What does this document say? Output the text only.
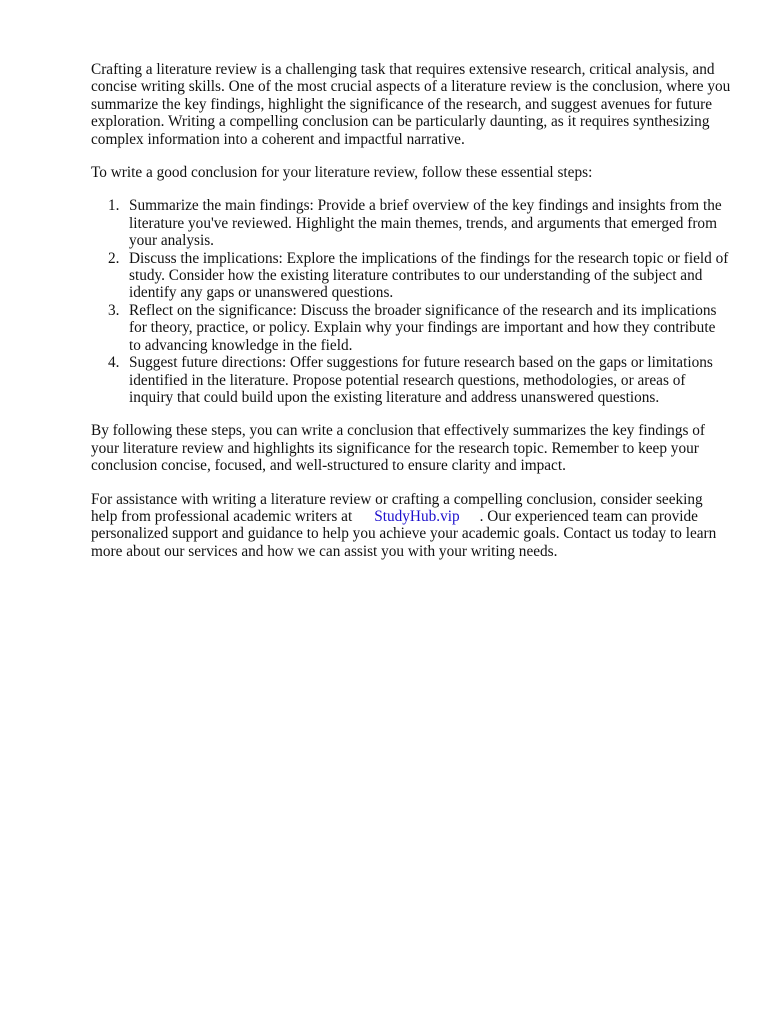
Crafting a literature review is a challenging task that requires extensive research, critical analysis, and concise writing skills. One of the most crucial aspects of a literature review is the conclusion, where you summarize the key findings, highlight the significance of the research, and suggest avenues for future exploration. Writing a compelling conclusion can be particularly daunting, as it requires synthesizing complex information into a coherent and impactful narrative.

To write a good conclusion for your literature review, follow these essential steps:

1. Summarize the main findings: Provide a brief overview of the key findings and insights from the literature you've reviewed. Highlight the main themes, trends, and arguments that emerged from your analysis.
2. Discuss the implications: Explore the implications of the findings for the research topic or field of study. Consider how the existing literature contributes to our understanding of the subject and identify any gaps or unanswered questions.
3. Reflect on the significance: Discuss the broader significance of the research and its implications for theory, practice, or policy. Explain why your findings are important and how they contribute to advancing knowledge in the field.
4. Suggest future directions: Offer suggestions for future research based on the gaps or limitations identified in the literature. Propose potential research questions, methodologies, or areas of inquiry that could build upon the existing literature and address unanswered questions.

By following these steps, you can write a conclusion that effectively summarizes the key findings of your literature review and highlights its significance for the research topic. Remember to keep your conclusion concise, focused, and well-structured to ensure clarity and impact.

For assistance with writing a literature review or crafting a compelling conclusion, consider seeking help from professional academic writers at StudyHub.vip . Our experienced team can provide personalized support and guidance to help you achieve your academic goals. Contact us today to learn more about our services and how we can assist you with your writing needs.
